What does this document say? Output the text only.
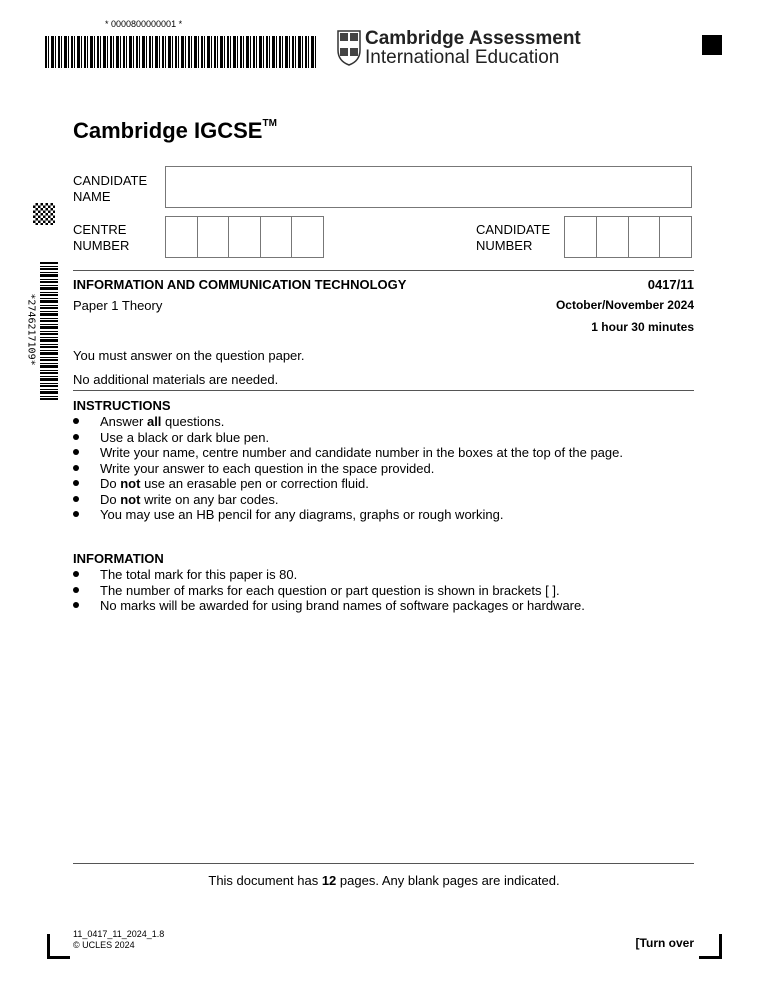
* 0000800000001 *
Cambridge Assessment
International Education
Cambridge IGCSE™
CANDIDATE
NAME
CENTRE
NUMBER
CANDIDATE
NUMBER
*2746217109*
INFORMATION AND COMMUNICATION TECHNOLOGY	0417/11
Paper 1 Theory	October/November 2024
1 hour 30 minutes
You must answer on the question paper.
No additional materials are needed.
INSTRUCTIONS
Answer all questions.
Use a black or dark blue pen.
Write your name, centre number and candidate number in the boxes at the top of the page.
Write your answer to each question in the space provided.
Do not use an erasable pen or correction fluid.
Do not write on any bar codes.
You may use an HB pencil for any diagrams, graphs or rough working.
INFORMATION
The total mark for this paper is 80.
The number of marks for each question or part question is shown in brackets [ ].
No marks will be awarded for using brand names of software packages or hardware.
This document has 12 pages. Any blank pages are indicated.
11_0417_11_2024_1.8
© UCLES 2024	[Turn over
